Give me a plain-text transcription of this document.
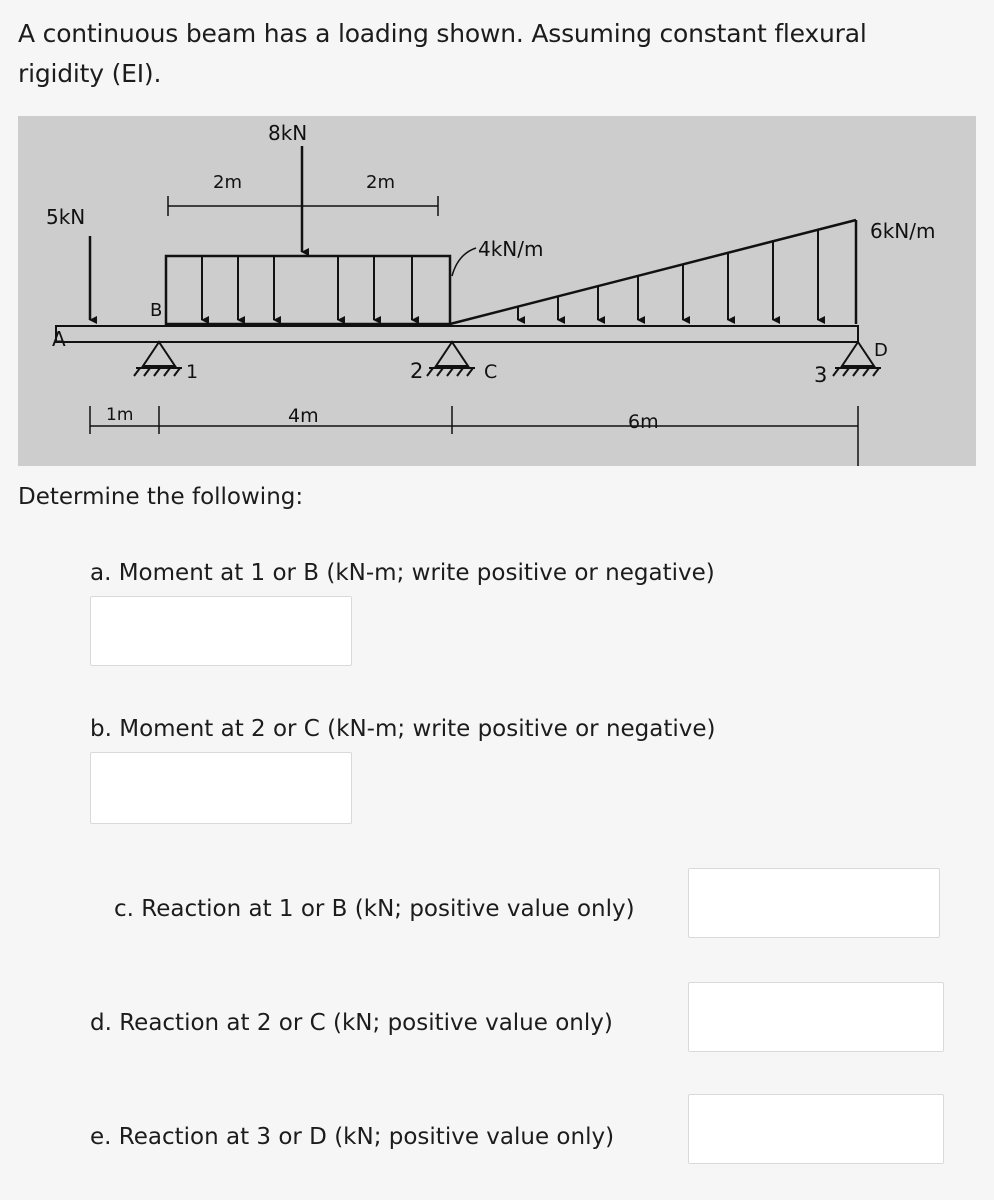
A continuous beam has a loading shown. Assuming constant flexural
rigidity (EI).
5kN
A
2m	2m
8kN
4kN/m
6kN/m
B
1	2	C	3
D
1m	4m	6m
Determine the following:
a. Moment at 1 or B (kN-m; write positive or negative)
b. Moment at 2 or C (kN-m; write positive or negative)
c. Reaction at 1 or B (kN; positive value only)
d. Reaction at 2 or C (kN; positive value only)
e. Reaction at 3 or D (kN; positive value only)
